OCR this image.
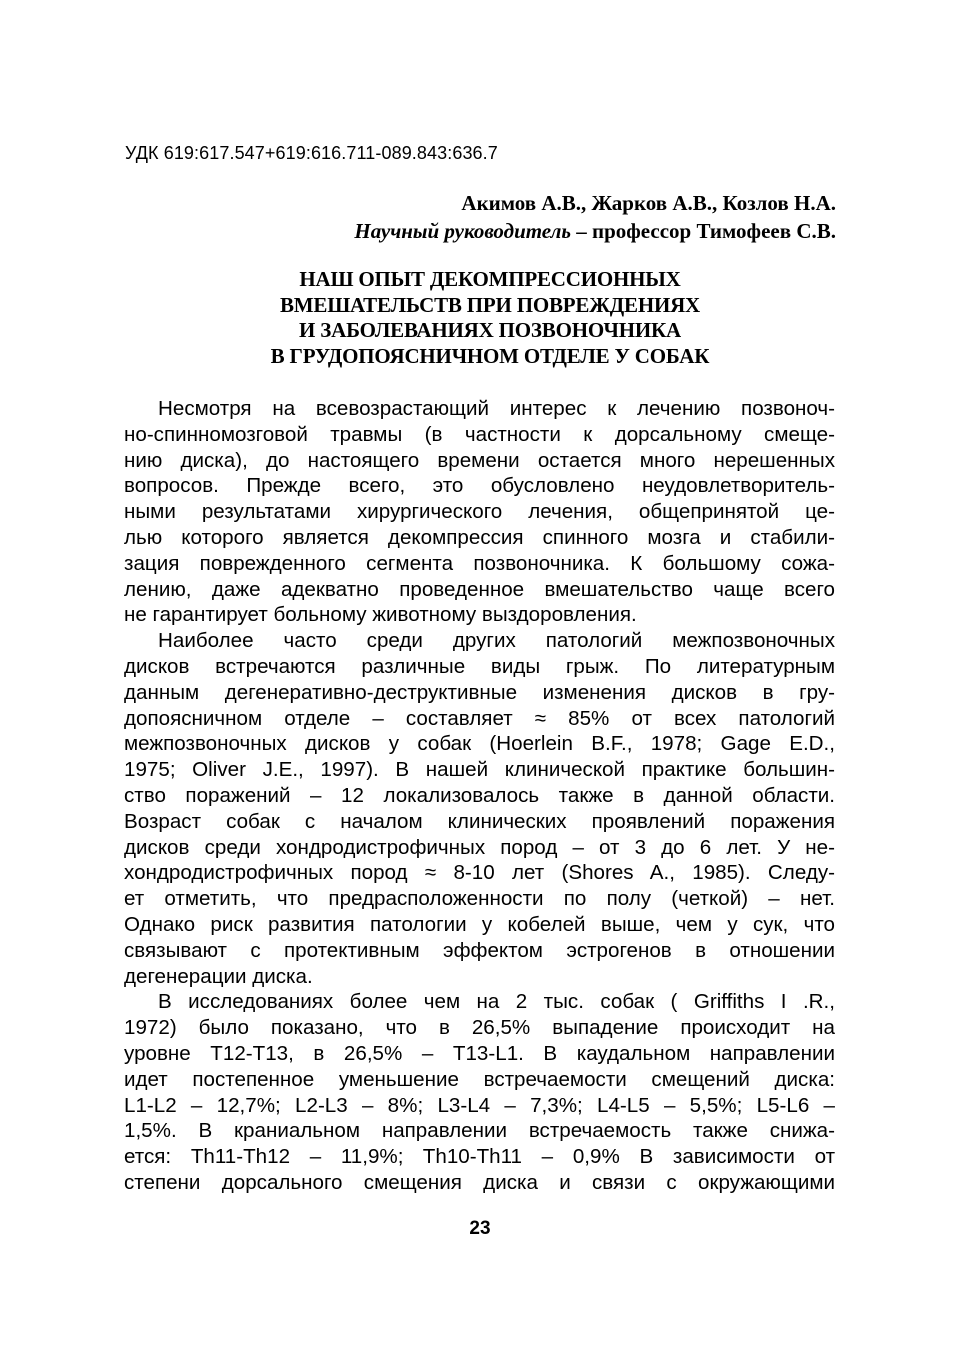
УДК 619:617.547+619:616.711-089.843:636.7
Акимов А.В., Жарков А.В., Козлов Н.А.
Научный руководитель – профессор Тимофеев С.В.
НАШ ОПЫТ ДЕКОМПРЕССИОННЫХ
ВМЕШАТЕЛЬСТВ ПРИ ПОВРЕЖДЕНИЯХ
И ЗАБОЛЕВАНИЯХ ПОЗВОНОЧНИКА
В ГРУДОПОЯСНИЧНОМ ОТДЕЛЕ У СОБАК

Несмотря на всевозрастающий интерес к лечению позвоноч-
но-спинномозговой травмы (в частности к дорсальному смеще-
нию диска), до настоящего времени остается много нерешенных
вопросов. Прежде всего, это обусловлено неудовлетворитель-
ными результатами хирургического лечения, общепринятой це-
лью которого является декомпрессия спинного мозга и стабили-
зация поврежденного сегмента позвоночника. К большому сожа-
лению, даже адекватно проведенное вмешательство чаще всего
не гарантирует больному животному выздоровления.

Наиболее часто среди других патологий межпозвоночных
дисков встречаются различные виды грыж. По литературным
данным дегенеративно-деструктивные изменения дисков в гру-
допоясничном отделе – составляет ≈ 85% от всех патологий
межпозвоночных дисков у собак (Hoerlein B.F., 1978; Gage E.D.,
1975; Oliver J.E., 1997). В нашей клинической практике большин-
ство поражений – 12 локализовалось также в данной области.
Возраст собак с началом клинических проявлений поражения
дисков среди хондродистрофичных пород – от 3 до 6 лет. У не-
хондродистрофичных пород ≈ 8-10 лет (Shores A., 1985). Следу-
ет отметить, что предрасположенности по полу (четкой) – нет.
Однако риск развития патологии у кобелей выше, чем у сук, что
связывают с протективным эффектом эстрогенов в отношении
дегенерации диска.

В исследованиях более чем на 2 тыс. собак ( Griffiths I .R.,
1972) было показано, что в 26,5% выпадение происходит на
уровне T12-T13, в 26,5% – T13-L1. В каудальном направлении
идет постепенное уменьшение встречаемости смещений диска:
L1-L2 – 12,7%; L2-L3 – 8%; L3-L4 – 7,3%; L4-L5 – 5,5%; L5-L6 –
1,5%. В краниальном направлении встречаемость также снижа-
ется: Th11-Th12 – 11,9%; Th10-Th11 – 0,9% В зависимости от
степени дорсального смещения диска и связи с окружающими

23
